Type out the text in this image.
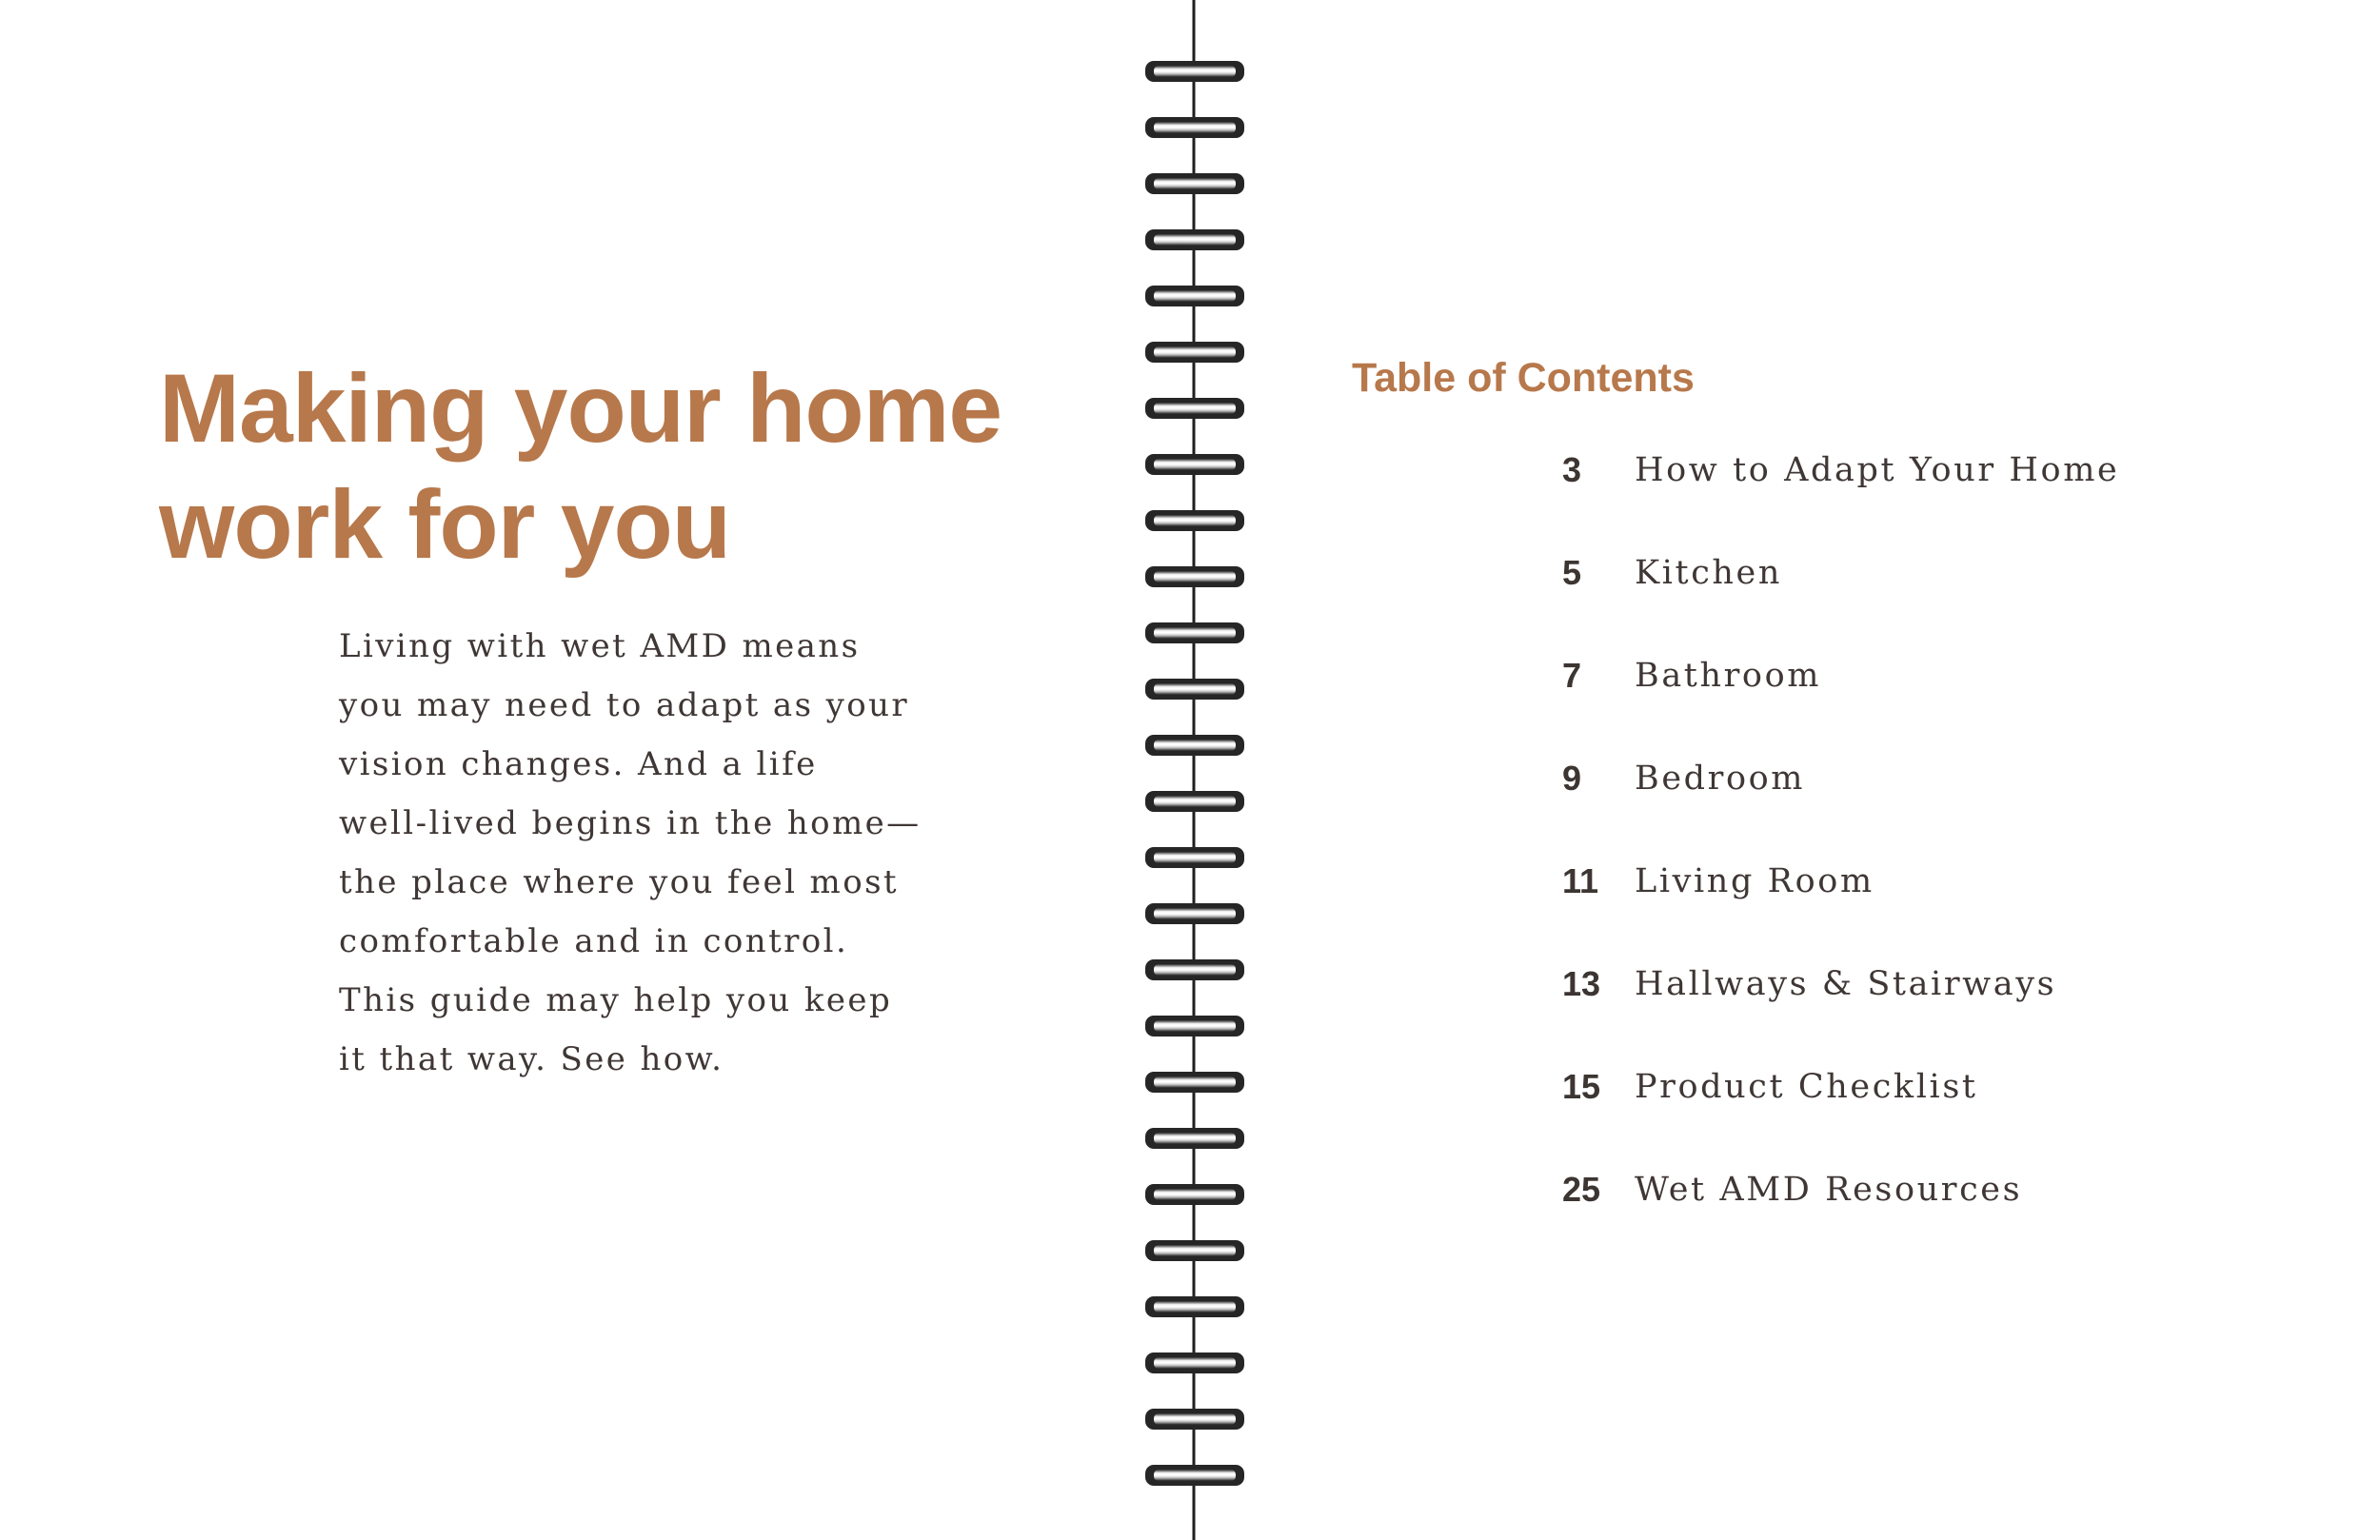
Making your home
work for you

Living with wet AMD means
you may need to adapt as your
vision changes. And a life
well-lived begins in the home—
the place where you feel most
comfortable and in control.
This guide may help you keep
it that way. See how.

Table of Contents
3	How to Adapt Your Home
5	Kitchen
7	Bathroom
9	Bedroom
11	Living Room
13	Hallways & Stairways
15	Product Checklist
25	Wet AMD Resources
